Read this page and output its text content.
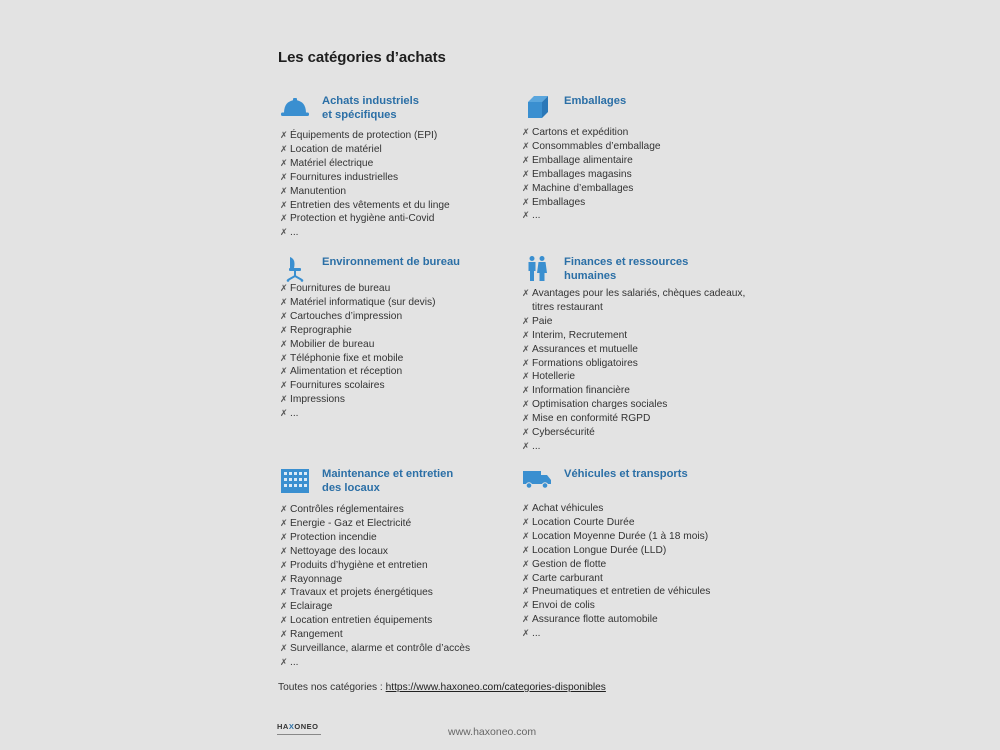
Les catégories d’achats
Achats industriels
et spécifiques
✗ Équipements de protection (EPI)
✗ Location de matériel
✗ Matériel électrique
✗ Fournitures industrielles
✗ Manutention
✗ Entretien des vêtements et du linge
✗ Protection et hygiène anti-Covid
✗ ...
Emballages
✗ Cartons et expédition
✗ Consommables d’emballage
✗ Emballage alimentaire
✗ Emballages magasins
✗ Machine d’emballages
✗ Emballages
✗ ...
Environnement de bureau
✗ Fournitures de bureau
✗ Matériel informatique (sur devis)
✗ Cartouches d’impression
✗ Reprographie
✗ Mobilier de bureau
✗ Téléphonie fixe et mobile
✗ Alimentation et réception
✗ Fournitures scolaires
✗ Impressions
✗ ...
Finances et ressources
humaines
✗ Avantages pour les salariés, chèques cadeaux, titres restaurant
✗ Paie
✗ Interim, Recrutement
✗ Assurances et mutuelle
✗ Formations obligatoires
✗ Hotellerie
✗ Information financière
✗ Optimisation charges sociales
✗ Mise en conformité RGPD
✗ Cybersécurité
✗ ...
Maintenance et entretien
des locaux
✗ Contrôles réglementaires
✗ Energie - Gaz et Electricité
✗ Protection incendie
✗ Nettoyage des locaux
✗ Produits d’hygiène et entretien
✗ Rayonnage
✗ Travaux et projets énergétiques
✗ Eclairage
✗ Location entretien équipements
✗ Rangement
✗ Surveillance, alarme et contrôle d’accès
✗ ...
Véhicules et transports
✗ Achat véhicules
✗ Location Courte Durée
✗ Location Moyenne Durée (1 à 18 mois)
✗ Location Longue Durée (LLD)
✗ Gestion de flotte
✗ Carte carburant
✗ Pneumatiques et entretien de véhicules
✗ Envoi de colis
✗ Assurance flotte automobile
✗ ...
Toutes nos catégories : https://www.haxoneo.com/categories-disponibles
HAXONEO	www.haxoneo.com
